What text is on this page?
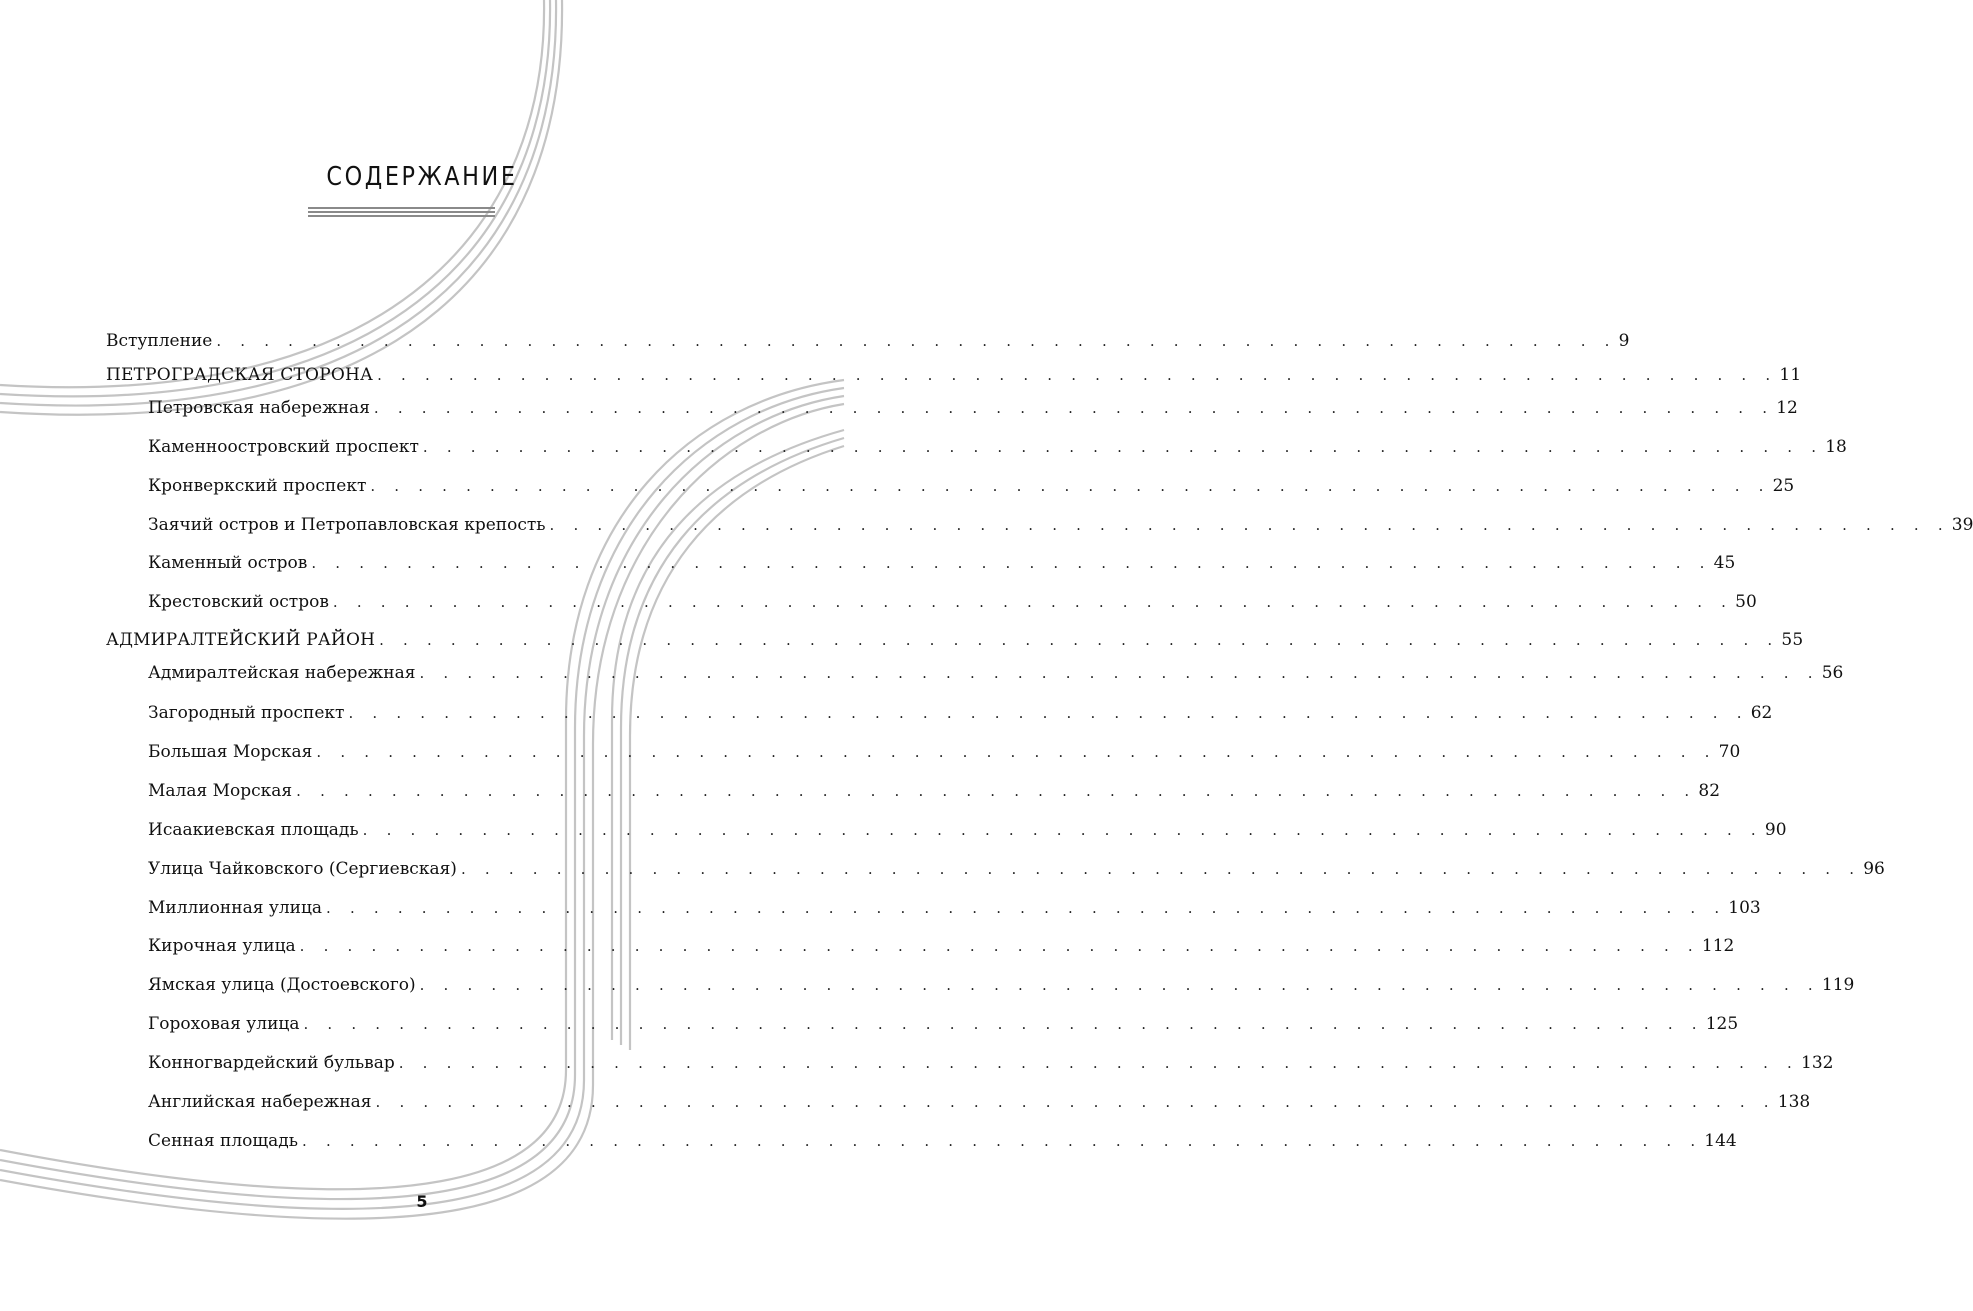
СОДЕРЖАНИЕ
Вступление . . . . . . . . . . . . . . . . . . . . . . . . . . . . . . . . . . . . . . . . . . . . . . . . . . . . . . . . . . . 9
ПЕТРОГРАДСКАЯ СТОРОНА . . . . . . . . . . . . . . . . . . . . . . . . . . . . . . . . . . . . . . . . . . . . . . . . . . . . . . . . . . . 11
Петровская набережная . . . . . . . . . . . . . . . . . . . . . . . . . . . . . . . . . . . . . . . . . . . . . . . . . . . . . . . . . . . 12
Каменноостровский проспект . . . . . . . . . . . . . . . . . . . . . . . . . . . . . . . . . . . . . . . . . . . . . . . . . . . . . . . . . . . 18
Кронверкский проспект . . . . . . . . . . . . . . . . . . . . . . . . . . . . . . . . . . . . . . . . . . . . . . . . . . . . . . . . . . . 25
Заячий остров и Петропавловская крепость . . . . . . . . . . . . . . . . . . . . . . . . . . . . . . . . . . . . . . . . . . . . . . . . . . . . . . . . . . . 39
Каменный остров . . . . . . . . . . . . . . . . . . . . . . . . . . . . . . . . . . . . . . . . . . . . . . . . . . . . . . . . . . . 45
Крестовский остров . . . . . . . . . . . . . . . . . . . . . . . . . . . . . . . . . . . . . . . . . . . . . . . . . . . . . . . . . . . 50
АДМИРАЛТЕЙСКИЙ РАЙОН . . . . . . . . . . . . . . . . . . . . . . . . . . . . . . . . . . . . . . . . . . . . . . . . . . . . . . . . . . . 55
Адмиралтейская набережная . . . . . . . . . . . . . . . . . . . . . . . . . . . . . . . . . . . . . . . . . . . . . . . . . . . . . . . . . . . 56
Загородный проспект . . . . . . . . . . . . . . . . . . . . . . . . . . . . . . . . . . . . . . . . . . . . . . . . . . . . . . . . . . . 62
Большая Морская . . . . . . . . . . . . . . . . . . . . . . . . . . . . . . . . . . . . . . . . . . . . . . . . . . . . . . . . . . . 70
Малая Морская . . . . . . . . . . . . . . . . . . . . . . . . . . . . . . . . . . . . . . . . . . . . . . . . . . . . . . . . . . . 82
Исаакиевская площадь . . . . . . . . . . . . . . . . . . . . . . . . . . . . . . . . . . . . . . . . . . . . . . . . . . . . . . . . . . . 90
Улица Чайковского (Сергиевская) . . . . . . . . . . . . . . . . . . . . . . . . . . . . . . . . . . . . . . . . . . . . . . . . . . . . . . . . . . . 96
Миллионная улица . . . . . . . . . . . . . . . . . . . . . . . . . . . . . . . . . . . . . . . . . . . . . . . . . . . . . . . . . . . 103
Кирочная улица . . . . . . . . . . . . . . . . . . . . . . . . . . . . . . . . . . . . . . . . . . . . . . . . . . . . . . . . . . . 112
Ямская улица (Достоевского) . . . . . . . . . . . . . . . . . . . . . . . . . . . . . . . . . . . . . . . . . . . . . . . . . . . . . . . . . . . 119
Гороховая улица . . . . . . . . . . . . . . . . . . . . . . . . . . . . . . . . . . . . . . . . . . . . . . . . . . . . . . . . . . . 125
Конногвардейский бульвар . . . . . . . . . . . . . . . . . . . . . . . . . . . . . . . . . . . . . . . . . . . . . . . . . . . . . . . . . . . 132
Английская набережная . . . . . . . . . . . . . . . . . . . . . . . . . . . . . . . . . . . . . . . . . . . . . . . . . . . . . . . . . . . 138
Сенная площадь . . . . . . . . . . . . . . . . . . . . . . . . . . . . . . . . . . . . . . . . . . . . . . . . . . . . . . . . . . . 144
5
